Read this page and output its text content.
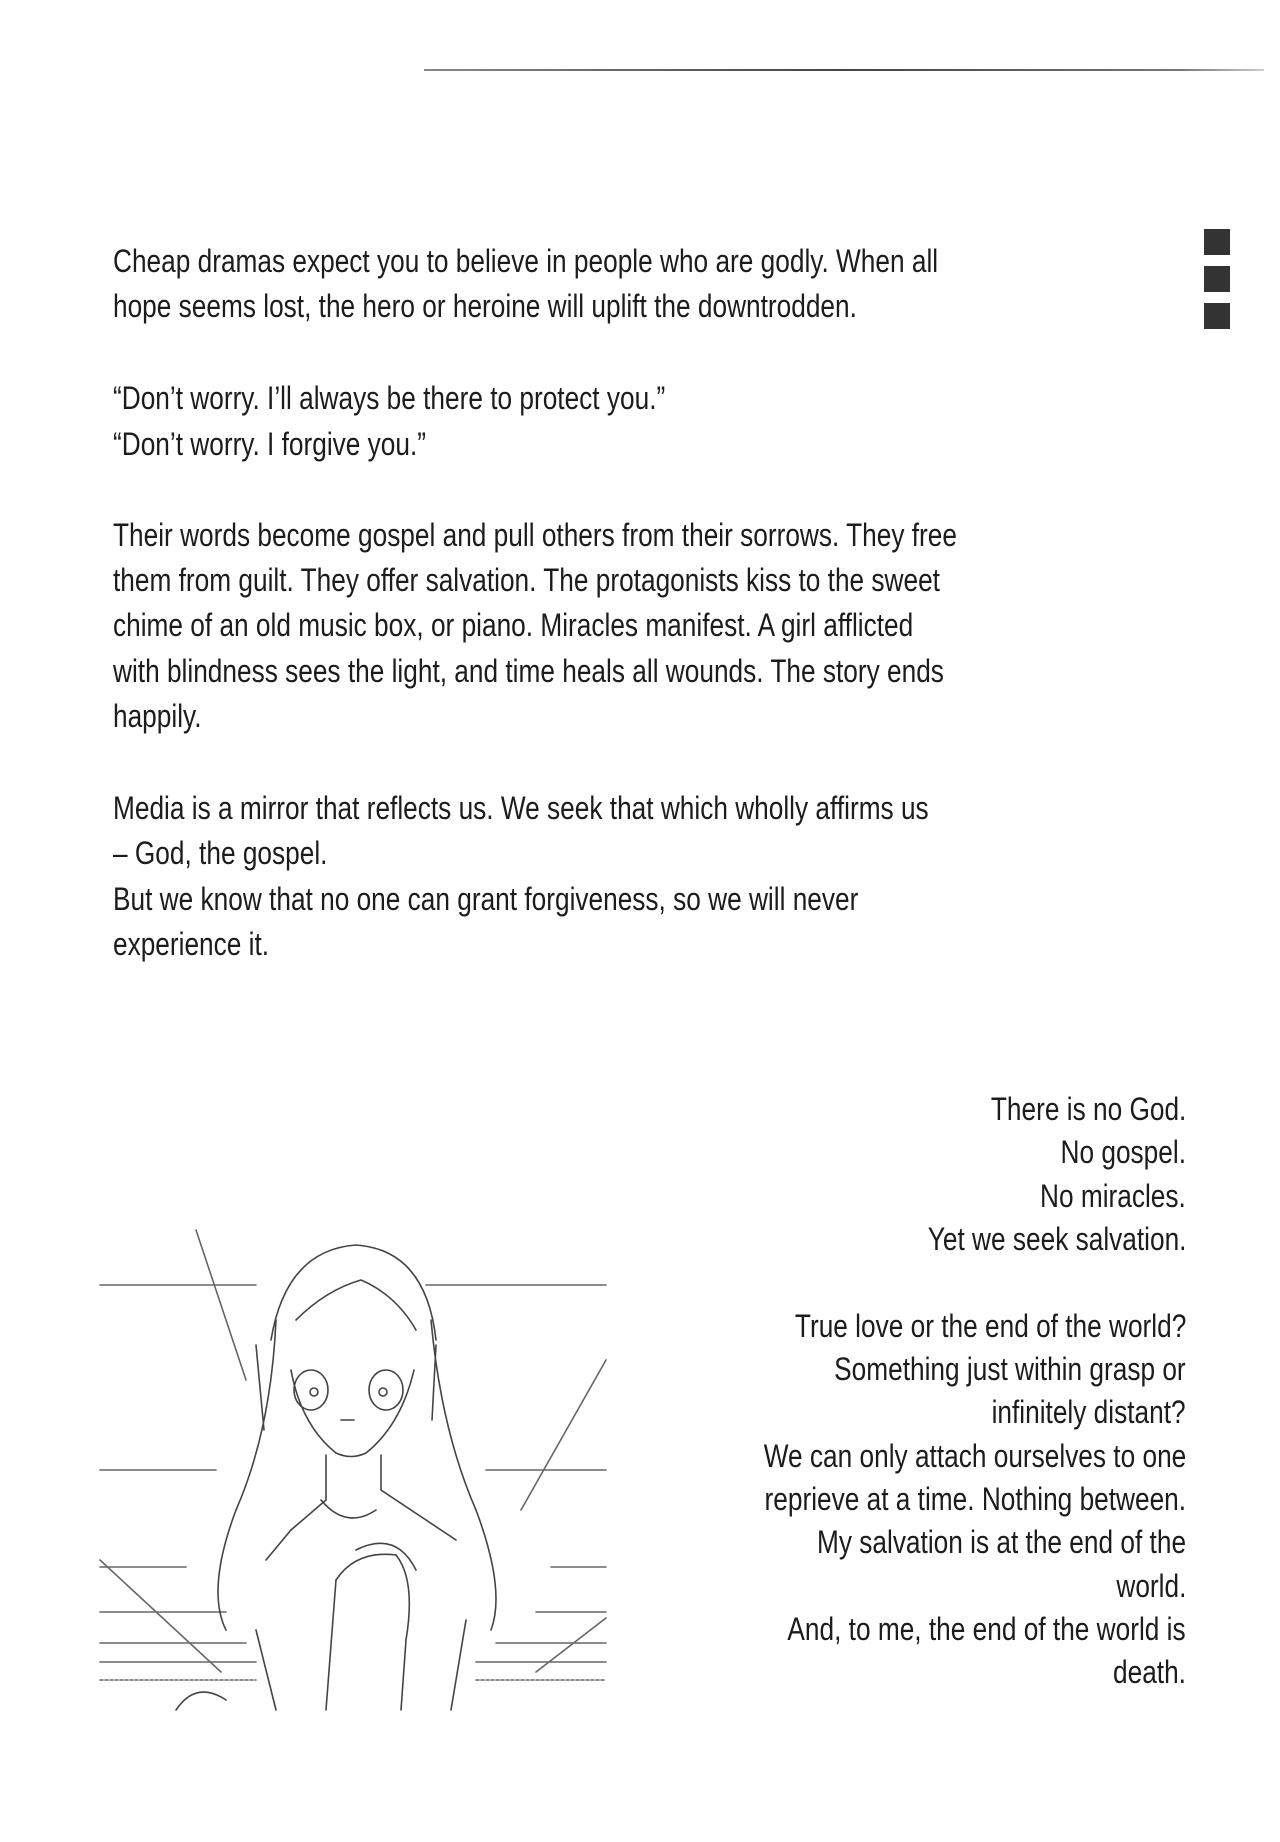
Cheap dramas expect you to believe in people who are godly. When all
hope seems lost, the hero or heroine will uplift the downtrodden.
“Don’t worry. I’ll always be there to protect you.”
“Don’t worry. I forgive you.”
Their words become gospel and pull others from their sorrows. They free
them from guilt. They offer salvation. The protagonists kiss to the sweet
chime of an old music box, or piano. Miracles manifest. A girl afflicted
with blindness sees the light, and time heals all wounds. The story ends
happily.
Media is a mirror that reflects us. We seek that which wholly affirms us
– God, the gospel.
But we know that no one can grant forgiveness, so we will never
experience it.
There is no God.
No gospel.
No miracles.
Yet we seek salvation.
True love or the end of the world?
Something just within grasp or
infinitely distant?
We can only attach ourselves to one
reprieve at a time. Nothing between.
My salvation is at the end of the
world.
And, to me, the end of the world is
death.
